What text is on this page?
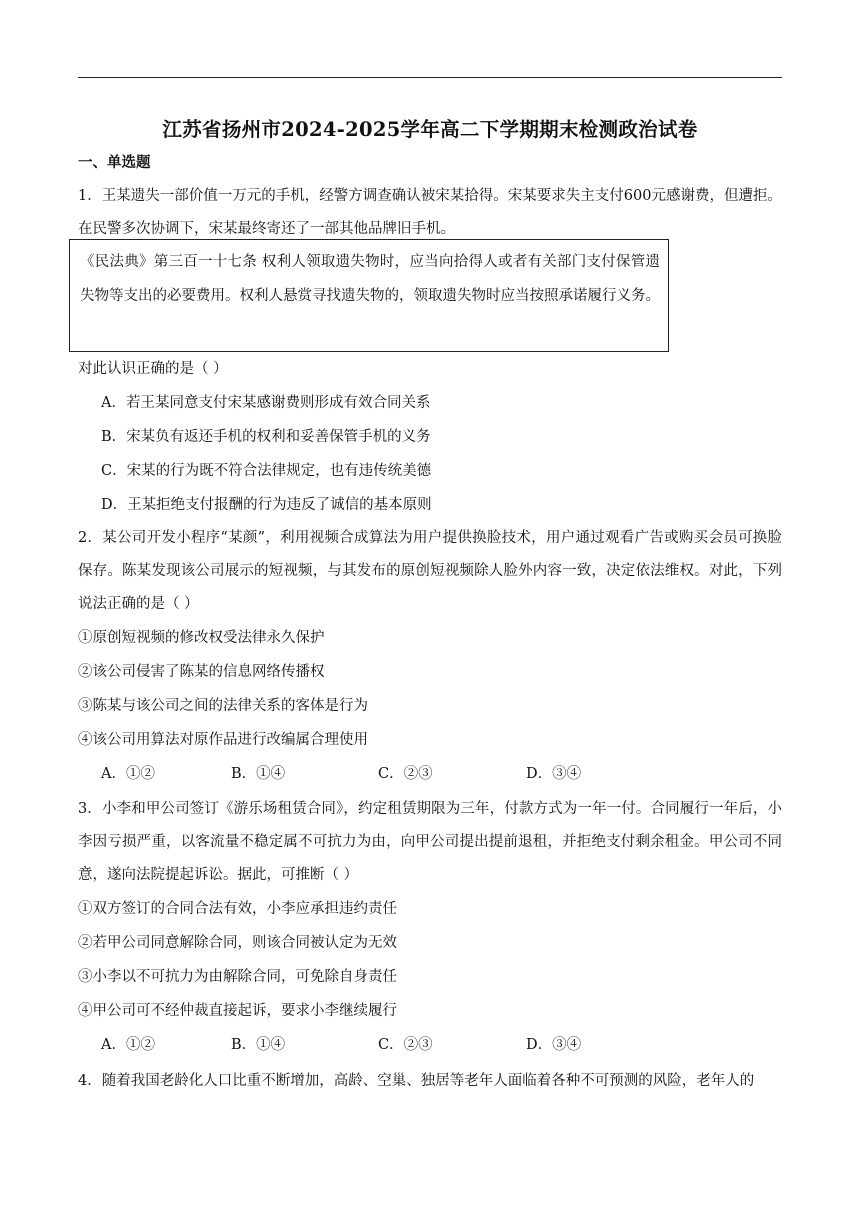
江苏省扬州市2024-2025学年高二下学期期末检测政治试卷
一、单选题

1．王某遗失一部价值一万元的手机，经警方调查确认被宋某拾得。宋某要求失主支付600元感谢费，但遭拒。在民警多次协调下，宋某最终寄还了一部其他品牌旧手机。

《民法典》第三百一十七条 权利人领取遗失物时，应当向拾得人或者有关部门支付保管遗失物等支出的必要费用。权利人悬赏寻找遗失物的，领取遗失物时应当按照承诺履行义务。

对此认识正确的是（ ）
A．若王某同意支付宋某感谢费则形成有效合同关系
B．宋某负有返还手机的权利和妥善保管手机的义务
C．宋某的行为既不符合法律规定，也有违传统美德
D．王某拒绝支付报酬的行为违反了诚信的基本原则

2．某公司开发小程序“某颜”，利用视频合成算法为用户提供换脸技术，用户通过观看广告或购买会员可换脸保存。陈某发现该公司展示的短视频，与其发布的原创短视频除人脸外内容一致，决定依法维权。对此，下列说法正确的是（ ）

①原创短视频的修改权受法律永久保护
②该公司侵害了陈某的信息网络传播权
③陈某与该公司之间的法律关系的客体是行为
④该公司用算法对原作品进行改编属合理使用
A．①②	B．①④	C．②③	D．③④

3．小李和甲公司签订《游乐场租赁合同》，约定租赁期限为三年，付款方式为一年一付。合同履行一年后，小李因亏损严重，以客流量不稳定属不可抗力为由，向甲公司提出提前退租，并拒绝支付剩余租金。甲公司不同意，遂向法院提起诉讼。据此，可推断（ ）

①双方签订的合同合法有效，小李应承担违约责任
②若甲公司同意解除合同，则该合同被认定为无效
③小李以不可抗力为由解除合同，可免除自身责任
④甲公司可不经仲裁直接起诉，要求小李继续履行
A．①②	B．①④	C．②③	D．③④

4．随着我国老龄化人口比重不断增加，高龄、空巢、独居等老年人面临着各种不可预测的风险，老年人的
